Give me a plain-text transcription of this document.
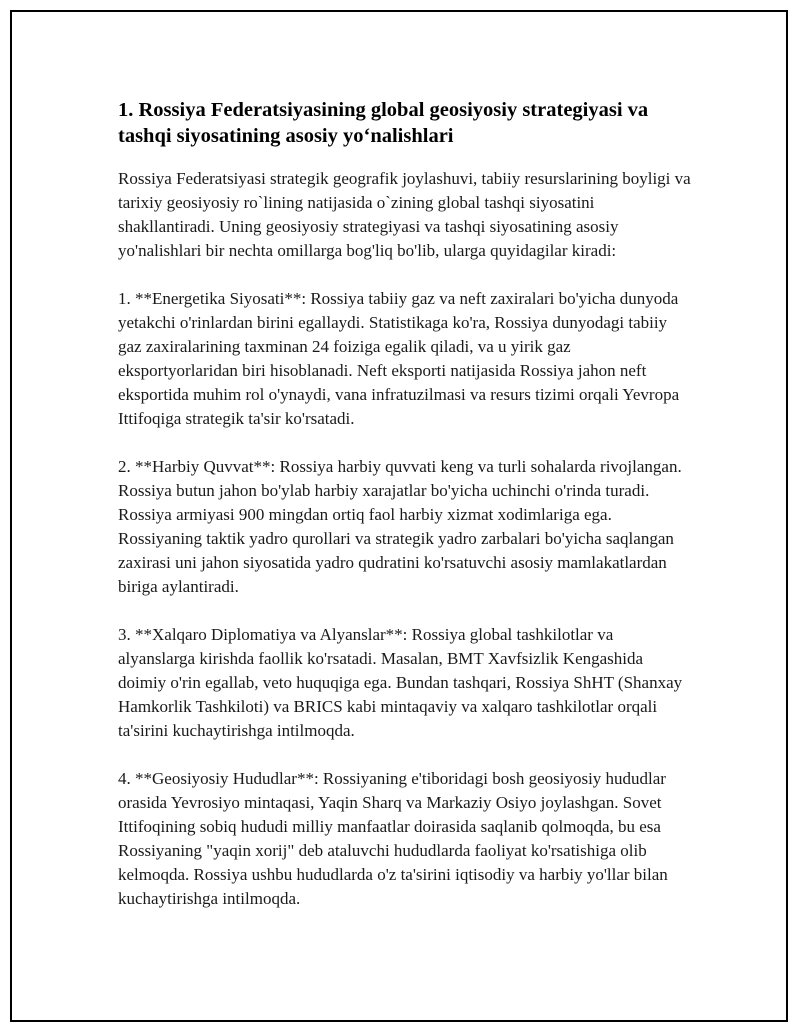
1. Rossiya Federatsiyasining global geosiyosiy strategiyasi va tashqi siyosatining asosiy yo‘nalishlari

Rossiya Federatsiyasi strategik geografik joylashuvi, tabiiy resurslarining boyligi va tarixiy geosiyosiy ro`lining natijasida o`zining global tashqi siyosatini shakllantiradi. Uning geosiyosiy strategiyasi va tashqi siyosatining asosiy yo'nalishlari bir nechta omillarga bog'liq bo'lib, ularga quyidagilar kiradi:

1. **Energetika Siyosati**: Rossiya tabiiy gaz va neft zaxiralari bo'yicha dunyoda yetakchi o'rinlardan birini egallaydi. Statistikaga ko'ra, Rossiya dunyodagi tabiiy gaz zaxiralarining taxminan 24 foiziga egalik qiladi, va u yirik gaz eksportyorlaridan biri hisoblanadi. Neft eksporti natijasida Rossiya jahon neft eksportida muhim rol o'ynaydi, vana infratuzilmasi va resurs tizimi orqali Yevropa Ittifoqiga strategik ta'sir ko'rsatadi.

2. **Harbiy Quvvat**: Rossiya harbiy quvvati keng va turli sohalarda rivojlangan. Rossiya butun jahon bo'ylab harbiy xarajatlar bo'yicha uchinchi o'rinda turadi. Rossiya armiyasi 900 mingdan ortiq faol harbiy xizmat xodimlariga ega. Rossiyaning taktik yadro qurollari va strategik yadro zarbalari bo'yicha saqlangan zaxirasi uni jahon siyosatida yadro qudratini ko'rsatuvchi asosiy mamlakatlardan biriga aylantiradi.

3. **Xalqaro Diplomatiya va Alyanslar**: Rossiya global tashkilotlar va alyanslarga kirishda faollik ko'rsatadi. Masalan, BMT Xavfsizlik Kengashida doimiy o'rin egallab, veto huquqiga ega. Bundan tashqari, Rossiya ShHT (Shanxay Hamkorlik Tashkiloti) va BRICS kabi mintaqaviy va xalqaro tashkilotlar orqali ta'sirini kuchaytirishga intilmoqda.

4. **Geosiyosiy Hududlar**: Rossiyaning e'tiboridagi bosh geosiyosiy hududlar orasida Yevrosiyo mintaqasi, Yaqin Sharq va Markaziy Osiyo joylashgan. Sovet Ittifoqining sobiq hududi milliy manfaatlar doirasida saqlanib qolmoqda, bu esa Rossiyaning "yaqin xorij" deb ataluvchi hududlarda faoliyat ko'rsatishiga olib kelmoqda. Rossiya ushbu hududlarda o'z ta'sirini iqtisodiy va harbiy yo'llar bilan kuchaytirishga intilmoqda.
